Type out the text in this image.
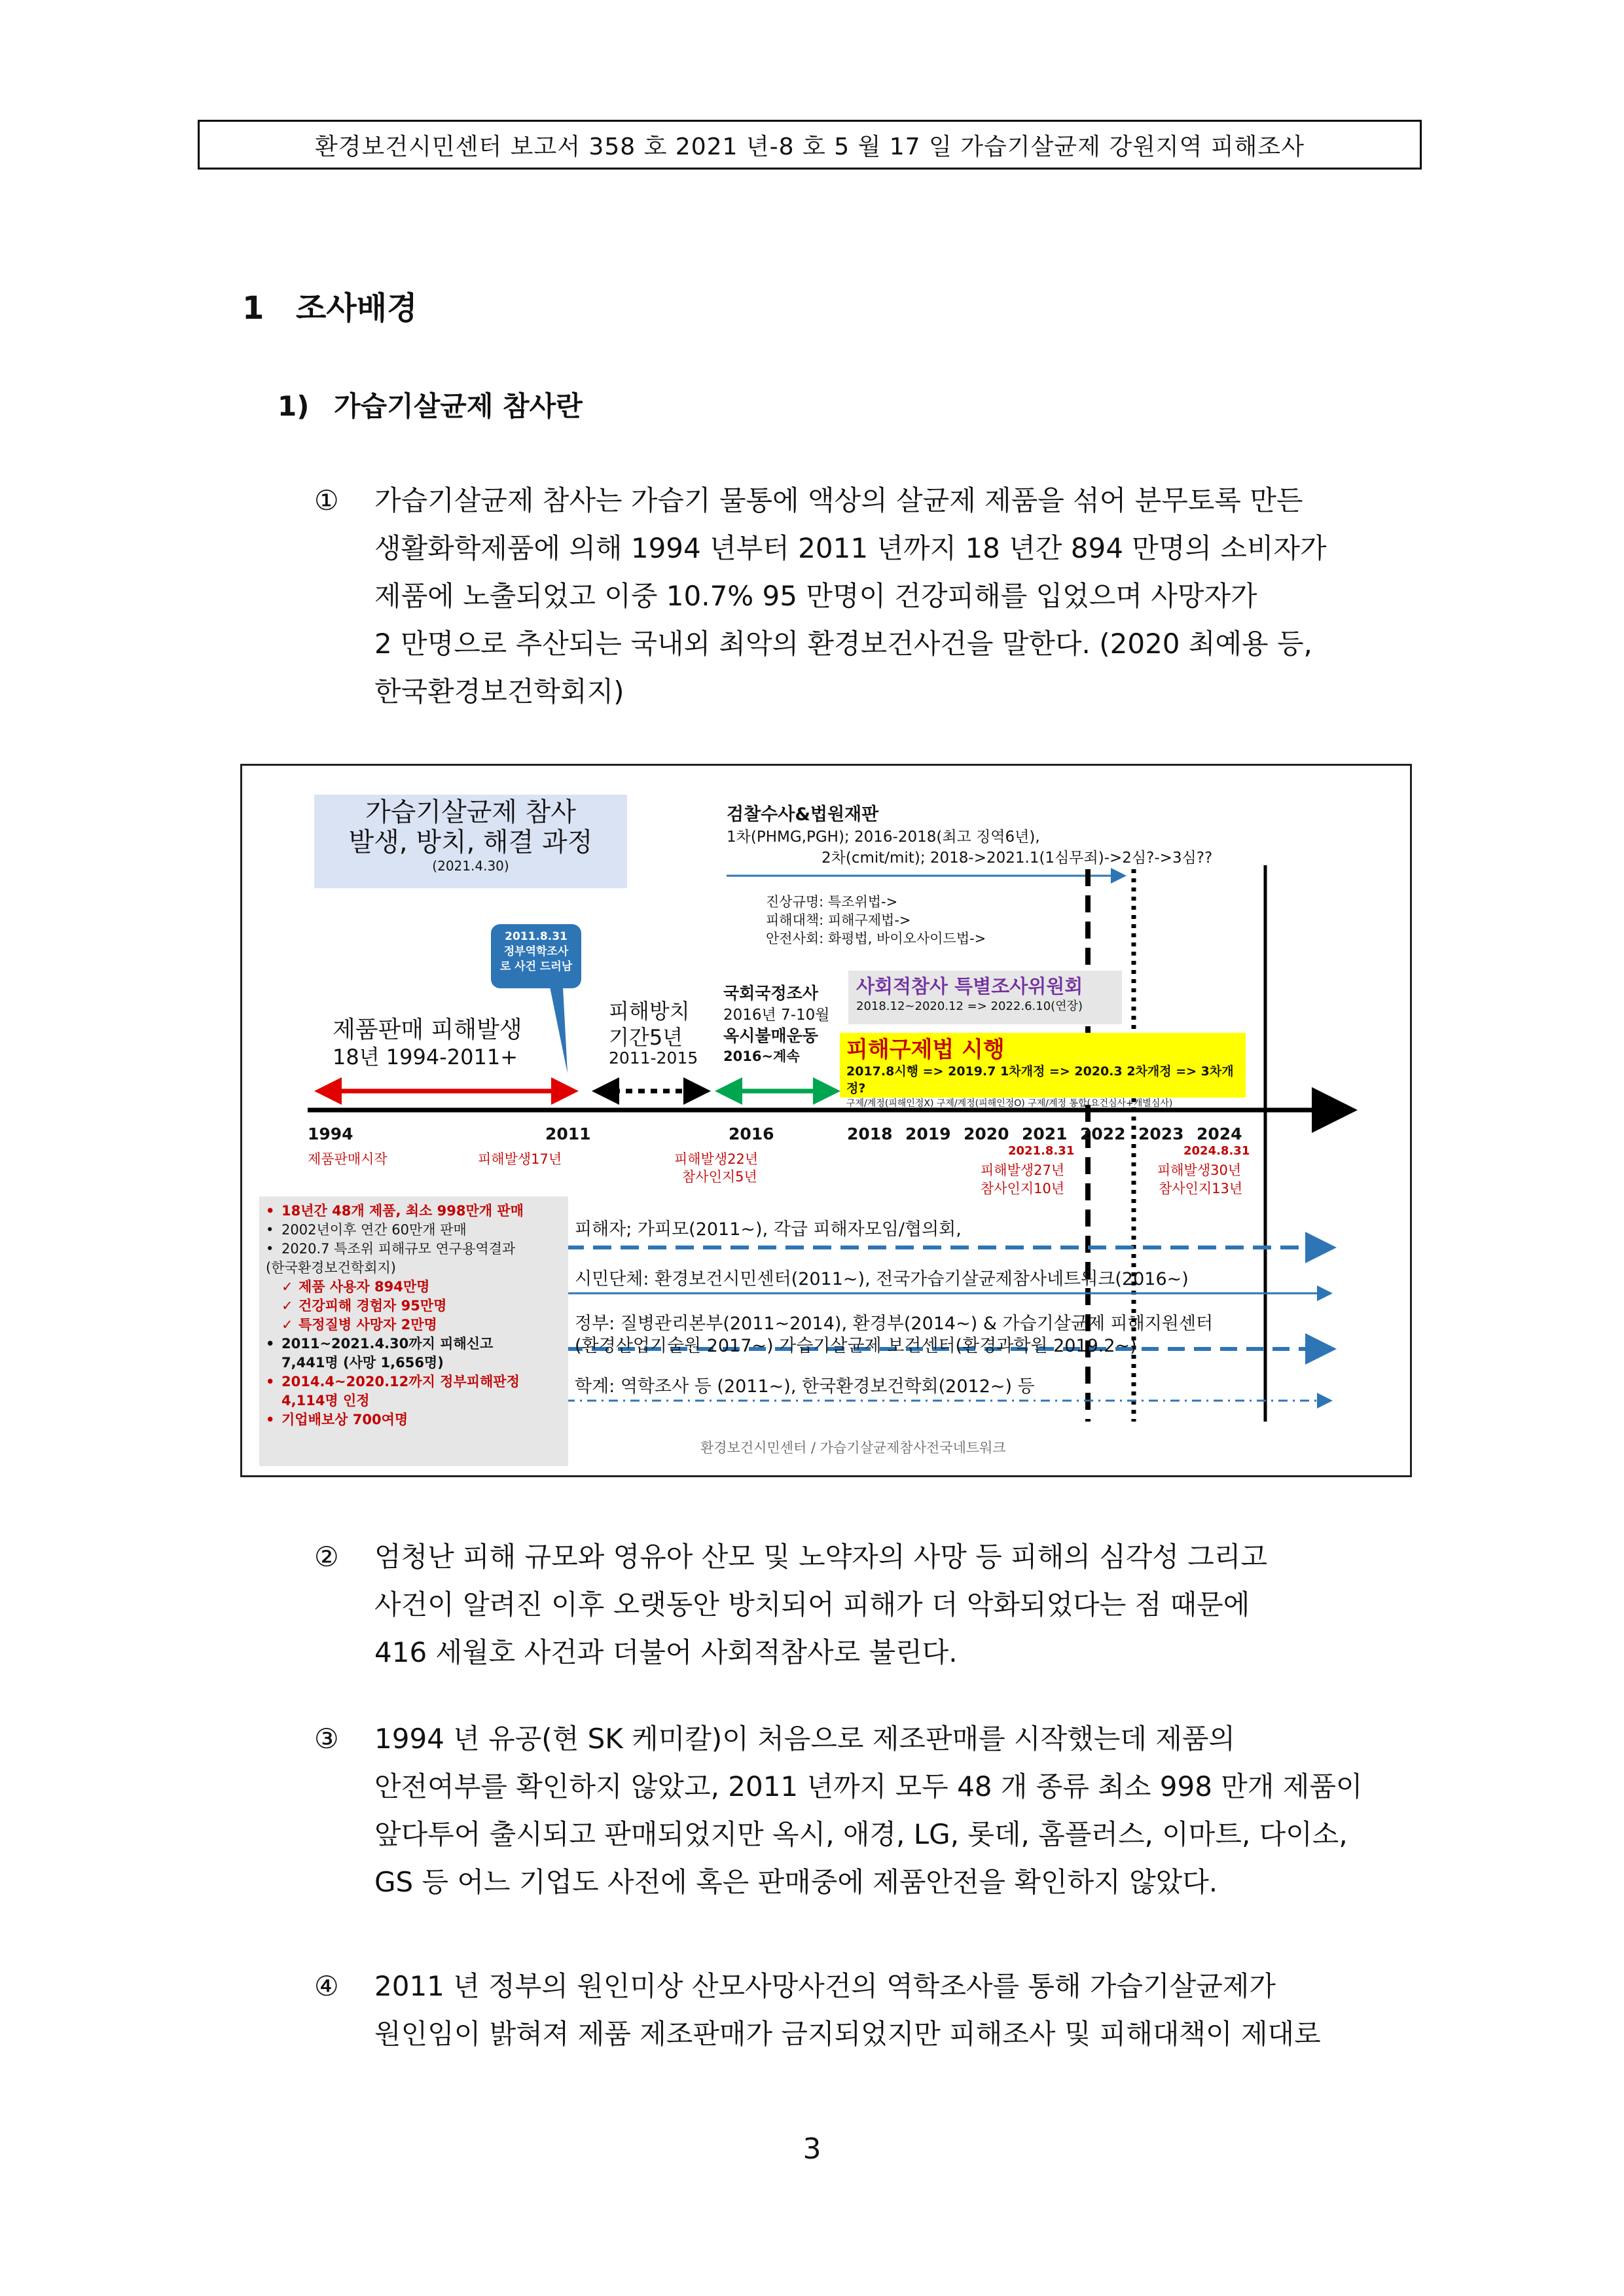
환경보건시민센터 보고서 358 호 2021 년-8 호 5 월 17 일 가습기살균제 강원지역 피해조사
1 조사배경
1) 가습기살균제 참사란
① 가습기살균제 참사는 가습기 물통에 액상의 살균제 제품을 섞어 분무토록 만든
생활화학제품에 의해 1994 년부터 2011 년까지 18 년간 894 만명의 소비자가
제품에 노출되었고 이중 10.7% 95 만명이 건강피해를 입었으며 사망자가
2 만명으로 추산되는 국내외 최악의 환경보건사건을 말한다. (2020 최예용 등,
한국환경보건학회지)
가습기살균제 참사
발생, 방치, 해결 과정
(2021.4.30)
검찰수사&법원재판
1차(PHMG,PGH); 2016-2018(최고 징역6년),
2차(cmit/mit); 2018->2021.1(1심무죄)->2심?->3심??
진상규명: 특조위법->
피해대책: 피해구제법->
안전사회: 화평법, 바이오사이드법->
2011.8.31
정부역학조사
로 사건 드러남
제품판매 피해발생
18년 1994-2011+
피해방치
기간5년
2011-2015
국회국정조사
2016년 7-10월
옥시불매운동
2016~계속
사회적참사 특별조사위원회
2018.12~2020.12 => 2022.6.10(연장)
피해구제법 시행
2017.8시행 => 2019.7 1차개정 => 2020.3 2차개정 => 3차개정?
구제/계정(피해인정X) 구제/계정(피해인정O) 구제/계정 통합(요건심사+개별심사)
1994	2011	2016	2018 2019 2020 2021 2022 2023 2024
제품판매시작	피해발생17년	피해발생22년
참사인지5년
2021.8.31
피해발생27년
참사인지10년
2024.8.31
피해발생30년
참사인지13년
• 18년간 48개 제품, 최소 998만개 판매
• 2002년이후 연간 60만개 판매
• 2020.7 특조위 피해규모 연구용역결과
(한국환경보건학회지)
✓ 제품 사용자 894만명
✓ 건강피해 경험자 95만명
✓ 특정질병 사망자 2만명
• 2011~2021.4.30까지 피해신고
7,441명 (사망 1,656명)
• 2014.4~2020.12까지 정부피해판정
4,114명 인정
• 기업배보상 700여명
피해자; 가피모(2011~), 각급 피해자모임/협의회,
시민단체: 환경보건시민센터(2011~), 전국가습기살균제참사네트워크(2016~)
정부: 질병관리본부(2011~2014), 환경부(2014~) & 가습기살균제 피해지원센터
(환경산업기술원 2017~) 가습기살균제 보건센터(환경과학원 2019.2~)
학계: 역학조사 등 (2011~), 한국환경보건학회(2012~) 등
환경보건시민센터 / 가습기살균제참사전국네트워크
② 엄청난 피해 규모와 영유아 산모 및 노약자의 사망 등 피해의 심각성 그리고
사건이 알려진 이후 오랫동안 방치되어 피해가 더 악화되었다는 점 때문에
416 세월호 사건과 더불어 사회적참사로 불린다.
③ 1994 년 유공(현 SK 케미칼)이 처음으로 제조판매를 시작했는데 제품의
안전여부를 확인하지 않았고, 2011 년까지 모두 48 개 종류 최소 998 만개 제품이
앞다투어 출시되고 판매되었지만 옥시, 애경, LG, 롯데, 홈플러스, 이마트, 다이소,
GS 등 어느 기업도 사전에 혹은 판매중에 제품안전을 확인하지 않았다.
④ 2011 년 정부의 원인미상 산모사망사건의 역학조사를 통해 가습기살균제가
원인임이 밝혀져 제품 제조판매가 금지되었지만 피해조사 및 피해대책이 제대로
3
